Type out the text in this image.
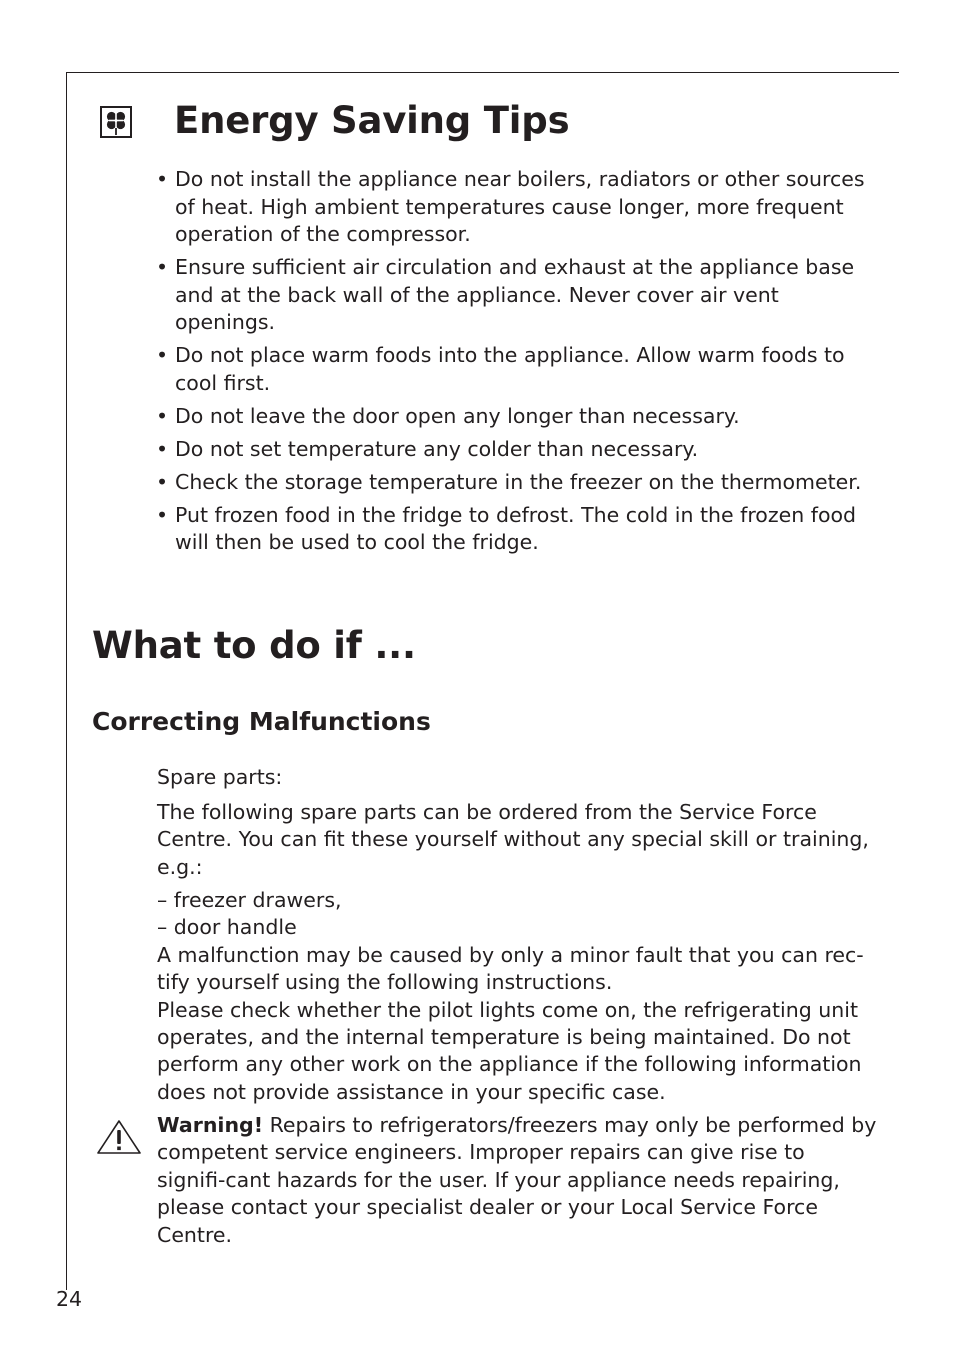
Energy Saving Tips
• Do not install the appliance near boilers, radiators or other sources of heat. High ambient temperatures cause longer, more frequent operation of the compressor.
• Ensure sufficient air circulation and exhaust at the appliance base and at the back wall of the appliance. Never cover air vent openings.
• Do not place warm foods into the appliance. Allow warm foods to cool first.
• Do not leave the door open any longer than necessary.
• Do not set temperature any colder than necessary.
• Check the storage temperature in the freezer on the thermometer.
• Put frozen food in the fridge to defrost. The cold in the frozen food will then be used to cool the fridge.
What to do if ...
Correcting Malfunctions

Spare parts:

The following spare parts can be ordered from the Service Force Centre. You can fit these yourself without any special skill or training, e.g.:

– freezer drawers,
– door handle
A malfunction may be caused by only a minor fault that you can rec-tify yourself using the following instructions.
Please check whether the pilot lights come on, the refrigerating unit operates, and the internal temperature is being maintained. Do not perform any other work on the appliance if the following information does not provide assistance in your specific case.

Warning! Repairs to refrigerators/freezers may only be performed by competent service engineers. Improper repairs can give rise to signifi-cant hazards for the user. If your appliance needs repairing, please contact your specialist dealer or your Local Service Force Centre.

24
